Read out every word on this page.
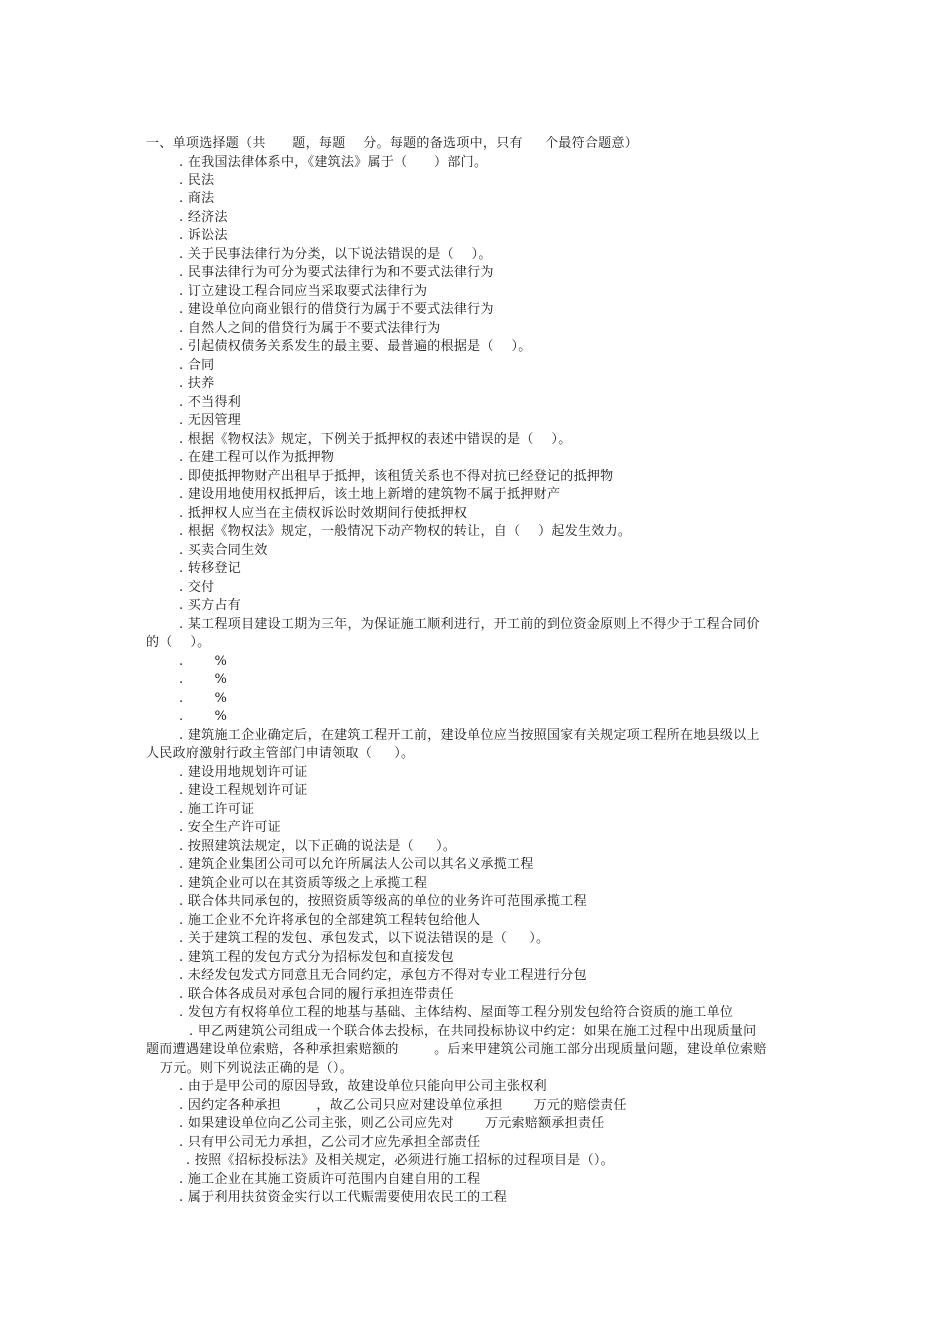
一、单项选择题（共      题，每题    分。每题的备选项中，只有     个最符合题意）
. 在我国法律体系中，《建筑法》属于（      ）部门。
. 民法
. 商法
. 经济法
. 诉讼法
. 关于民事法律行为分类，以下说法错误的是（    ）。
. 民事法律行为可分为要式法律行为和不要式法律行为
. 订立建设工程合同应当采取要式法律行为
. 建设单位向商业银行的借贷行为属于不要式法律行为
. 自然人之间的借贷行为属于不要式法律行为
. 引起债权债务关系发生的最主要、最普遍的根据是（    ）。
. 合同
. 扶养
. 不当得利
. 无因管理
. 根据《物权法》规定，下例关于抵押权的表述中错误的是（    ）。
. 在建工程可以作为抵押物
. 即使抵押物财产出租早于抵押，该租赁关系也不得对抗已经登记的抵押物
. 建设用地使用权抵押后，该土地上新增的建筑物不属于抵押财产
. 抵押权人应当在主债权诉讼时效期间行使抵押权
. 根据《物权法》规定，一般情况下动产物权的转让，自（    ）起发生效力。
. 买卖合同生效
. 转移登记
. 交付
. 买方占有
. 某工程项目建设工期为三年，为保证施工顺利进行，开工前的到位资金原则上不得少于工程合同价
的（    ）。
.       %
.       %
.       %
.       %
. 建筑施工企业确定后，在建筑工程开工前，建设单位应当按照国家有关规定项工程所在地县级以上
人民政府激射行政主管部门申请领取（     ）。
. 建设用地规划许可证
. 建设工程规划许可证
. 施工许可证
. 安全生产许可证
. 按照建筑法规定，以下正确的说法是（     ）。
. 建筑企业集团公司可以允许所属法人公司以其名义承揽工程
. 建筑企业可以在其资质等级之上承揽工程
. 联合体共同承包的，按照资质等级高的单位的业务许可范围承揽工程
. 施工企业不允许将承包的全部建筑工程转包给他人
. 关于建筑工程的发包、承包发式，以下说法错误的是（     ）。
. 建筑工程的发包方式分为招标发包和直接发包
. 未经发包发式方同意且无合同约定，承包方不得对专业工程进行分包
. 联合体各成员对承包合同的履行承担连带责任
. 发包方有权将单位工程的地基与基础、主体结构、屋面等工程分别发包给符合资质的施工单位
. 甲乙两建筑公司组成一个联合体去投标，在共同投标协议中约定：如果在施工过程中出现质量问
题而遭遇建设单位索赔，各种承担索赔额的        。后来甲建筑公司施工部分出现质量问题，建设单位索赔
万元。则下列说法正确的是（）。
. 由于是甲公司的原因导致，故建设单位只能向甲公司主张权利
. 因约定各种承担        ，故乙公司只应对建设单位承担       万元的赔偿责任
. 如果建设单位向乙公司主张，则乙公司应先对       万元索赔额承担责任
. 只有甲公司无力承担，乙公司才应先承担全部责任
. 按照《招标投标法》及相关规定，必须进行施工招标的过程项目是（）。
. 施工企业在其施工资质许可范围内自建自用的工程
. 属于利用扶贫资金实行以工代赈需要使用农民工的工程
